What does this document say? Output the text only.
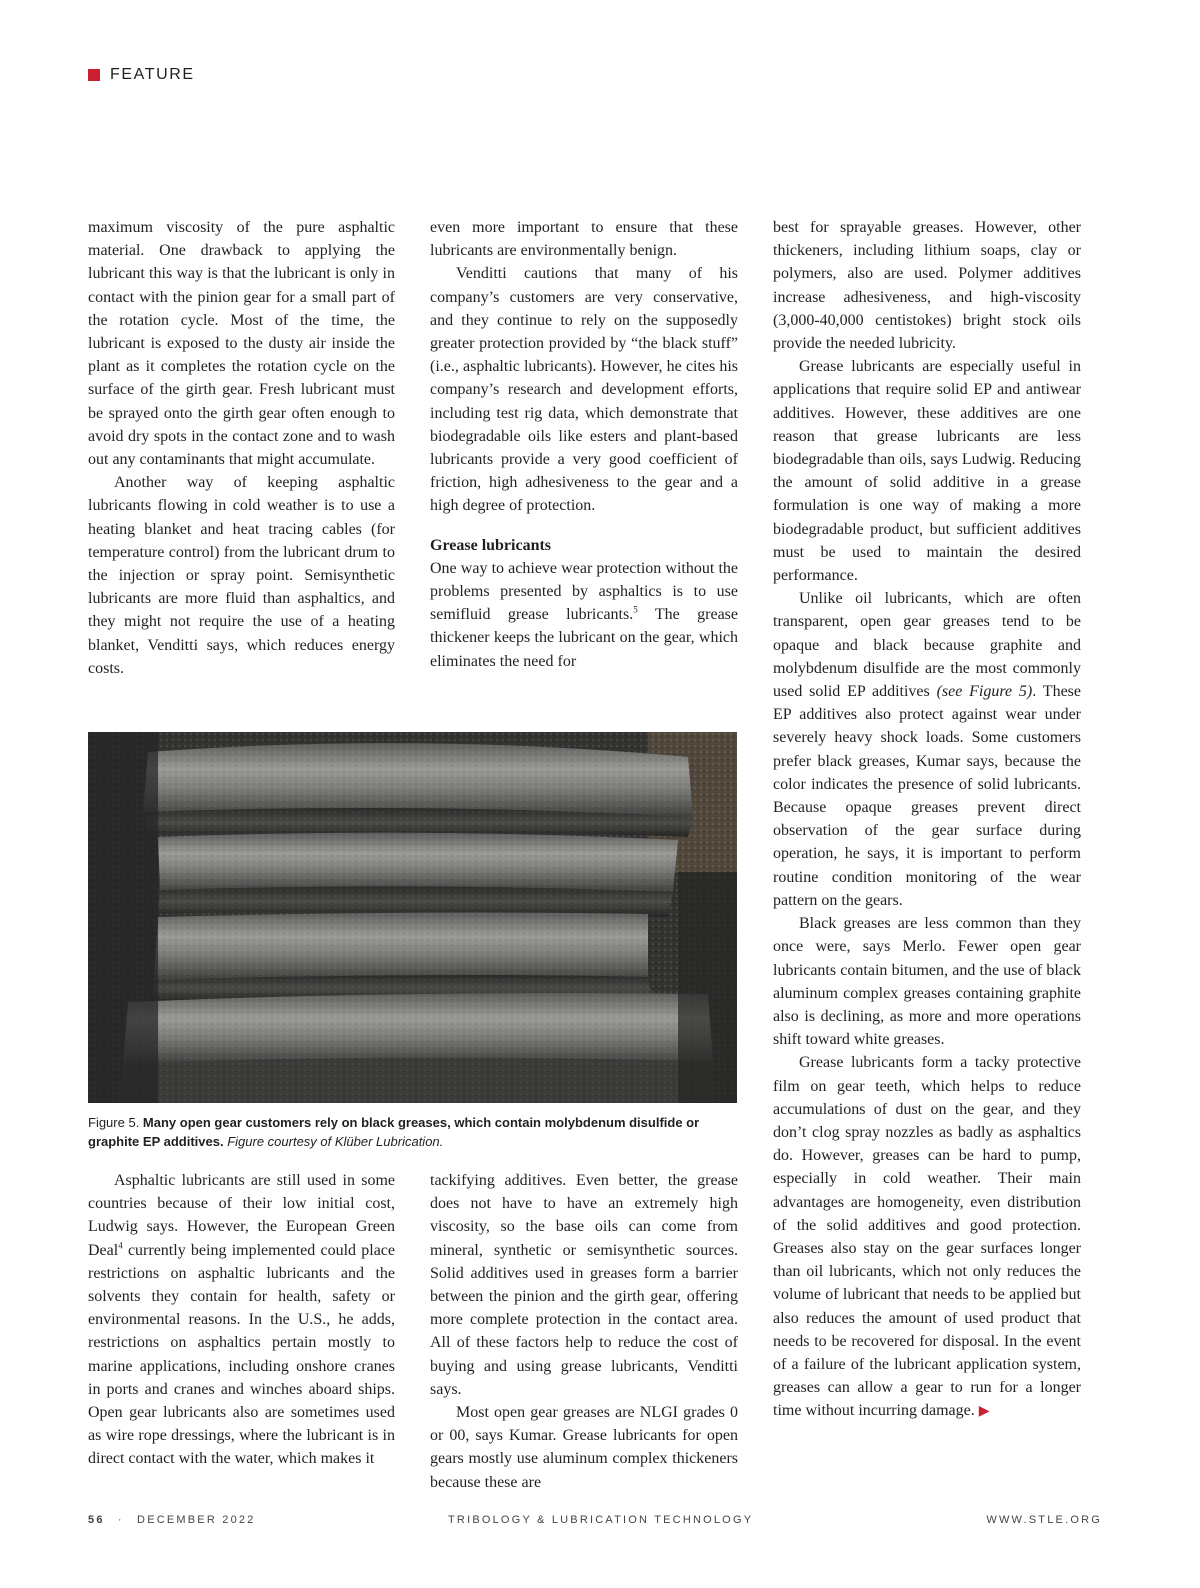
FEATURE

maximum viscosity of the pure asphaltic material. One drawback to applying the lubricant this way is that the lubricant is only in contact with the pinion gear for a small part of the rotation cycle. Most of the time, the lubricant is exposed to the dusty air inside the plant as it completes the rotation cycle on the surface of the girth gear. Fresh lubricant must be sprayed onto the girth gear often enough to avoid dry spots in the contact zone and to wash out any contaminants that might accumulate.

Another way of keeping asphaltic lubricants flowing in cold weather is to use a heating blanket and heat tracing cables (for temperature control) from the lubricant drum to the injection or spray point. Semisynthetic lubricants are more fluid than asphaltics, and they might not require the use of a heating blanket, Venditti says, which reduces energy costs.

even more important to ensure that these lubricants are environmentally benign.

Venditti cautions that many of his company’s customers are very conservative, and they continue to rely on the supposedly greater protection provided by “the black stuff” (i.e., asphaltic lubricants). However, he cites his company’s research and development efforts, including test rig data, which demonstrate that biodegradable oils like esters and plant-based lubricants provide a very good coefficient of friction, high adhesiveness to the gear and a high degree of protection.

Grease lubricants

One way to achieve wear protection without the problems presented by asphaltics is to use semifluid grease lubricants.$^5$ The grease thickener keeps the lubricant on the gear, which eliminates the need for

best for sprayable greases. However, other thickeners, including lithium soaps, clay or polymers, also are used. Polymer additives increase adhesiveness, and high-viscosity (3,000-40,000 centistokes) bright stock oils provide the needed lubricity.

Grease lubricants are especially useful in applications that require solid EP and antiwear additives. However, these additives are one reason that grease lubricants are less biodegradable than oils, says Ludwig. Reducing the amount of solid additive in a grease formulation is one way of making a more biodegradable product, but sufficient additives must be used to maintain the desired performance.

Unlike oil lubricants, which are often transparent, open gear greases tend to be opaque and black because graphite and molybdenum disulfide are the most commonly used solid EP additives (see Figure 5). These EP additives also protect against wear under severely heavy shock loads. Some customers prefer black greases, Kumar says, because the color indicates the presence of solid lubricants. Because opaque greases prevent direct observation of the gear surface during operation, he says, it is important to perform routine condition monitoring of the wear pattern on the gears.

Black greases are less common than they once were, says Merlo. Fewer open gear lubricants contain bitumen, and the use of black aluminum complex greases containing graphite also is declining, as more and more operations shift toward white greases.

Grease lubricants form a tacky protective film on gear teeth, which helps to reduce accumulations of dust on the gear, and they don’t clog spray nozzles as badly as asphaltics do. However, greases can be hard to pump, especially in cold weather. Their main advantages are homogeneity, even distribution of the solid additives and good protection. Greases also stay on the gear surfaces longer than oil lubricants, which not only reduces the volume of lubricant that needs to be applied but also reduces the amount of used product that needs to be recovered for disposal. In the event of a failure of the lubricant application system, greases can allow a gear to run for a longer time without incurring damage. ▶

Figure 5. Many open gear customers rely on black greases, which contain molybdenum disulfide or graphite EP additives. Figure courtesy of Klüber Lubrication.

Asphaltic lubricants are still used in some countries because of their low initial cost, Ludwig says. However, the European Green Deal$^4$ currently being implemented could place restrictions on asphaltic lubricants and the solvents they contain for health, safety or environmental reasons. In the U.S., he adds, restrictions on asphaltics pertain mostly to marine applications, including onshore cranes in ports and cranes and winches aboard ships. Open gear lubricants also are sometimes used as wire rope dressings, where the lubricant is in direct contact with the water, which makes it

tackifying additives. Even better, the grease does not have to have an extremely high viscosity, so the base oils can come from mineral, synthetic or semisynthetic sources. Solid additives used in greases form a barrier between the pinion and the girth gear, offering more complete protection in the contact area. All of these factors help to reduce the cost of buying and using grease lubricants, Venditti says.

Most open gear greases are NLGI grades 0 or 00, says Kumar. Grease lubricants for open gears mostly use aluminum complex thickeners because these are

56 · DECEMBER 2022	TRIBOLOGY & LUBRICATION TECHNOLOGY	WWW.STLE.ORG
